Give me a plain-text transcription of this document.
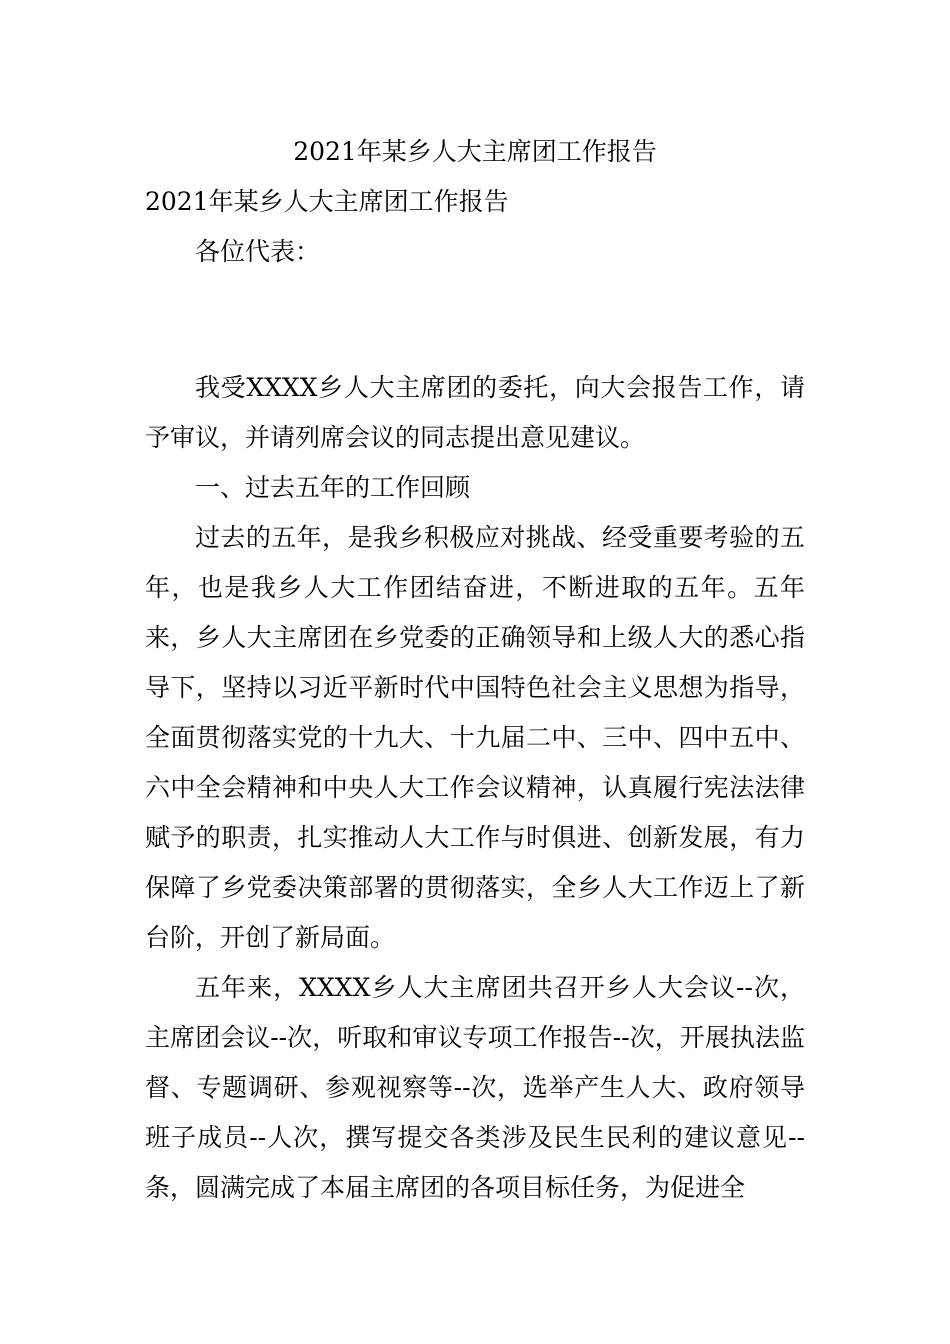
2021年某乡人大主席团工作报告
2021年某乡人大主席团工作报告

各位代表：

我受XXXX乡人大主席团的委托，向大会报告工作，请予审议，并请列席会议的同志提出意见建议。

一、过去五年的工作回顾

过去的五年，是我乡积极应对挑战、经受重要考验的五年，也是我乡人大工作团结奋进，不断进取的五年。五年来，乡人大主席团在乡党委的正确领导和上级人大的悉心指导下，坚持以习近平新时代中国特色社会主义思想为指导，全面贯彻落实党的十九大、十九届二中、三中、四中五中、六中全会精神和中央人大工作会议精神，认真履行宪法法律赋予的职责，扎实推动人大工作与时俱进、创新发展，有力保障了乡党委决策部署的贯彻落实，全乡人大工作迈上了新台阶，开创了新局面。

五年来，XXXX乡人大主席团共召开乡人大会议--次，主席团会议--次，听取和审议专项工作报告--次，开展执法监督、专题调研、参观视察等--次，选举产生人大、政府领导班子成员--人次，撰写提交各类涉及民生民利的建议意见--条，圆满完成了本届主席团的各项目标任务，为促进全
